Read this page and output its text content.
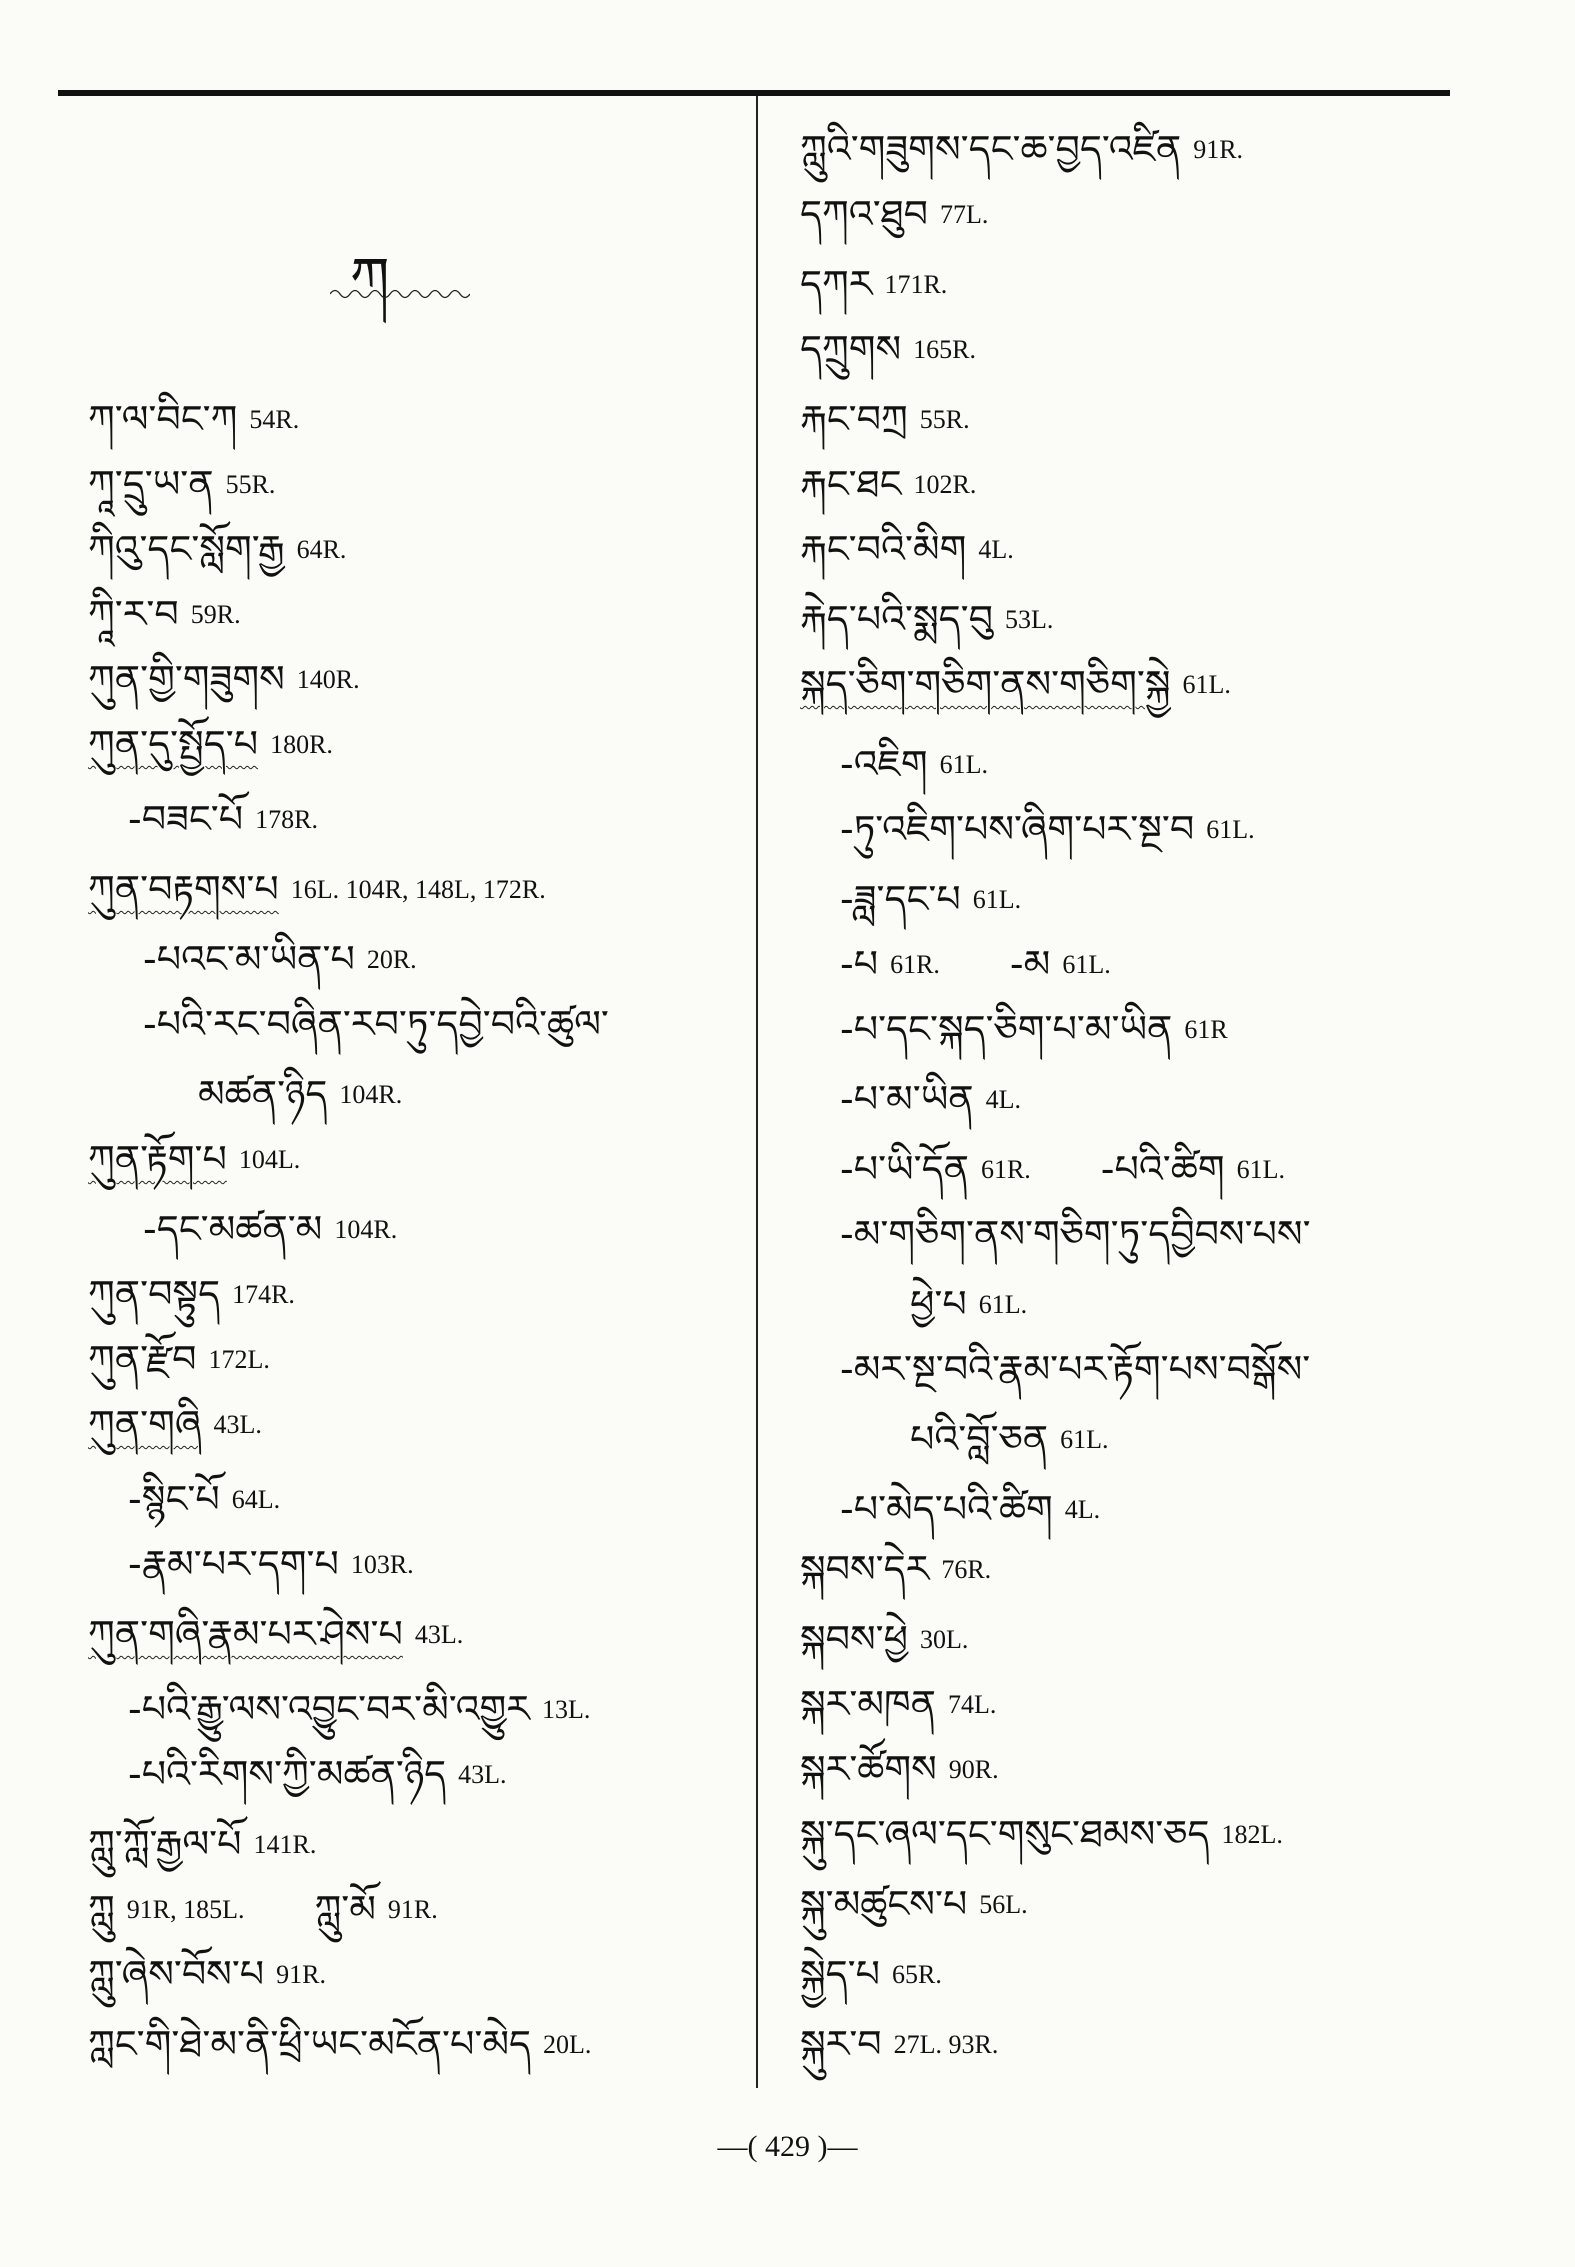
ཀ
ཀ་ལ་བིང་ཀ 54R.
ཀཱ་དྲུ་ཡ་ན 55R.
ཀིའུ་དང་སློག་རྒྱ 64R.
ཀཱི་ར་བ 59R.
ཀུན་གྱི་གཟུགས 140R.
ཀུན་དུ་སྤྱོད་པ 180R.
-བཟང་པོ 178R.
ཀུན་བརྟགས་པ 16L. 104R, 148L, 172R.
-པའང་མ་ཡིན་པ 20R.
-པའི་རང་བཞིན་རབ་ཏུ་དབྱེ་བའི་ཚུལ་
མཚན་ཉིད 104R.
ཀུན་རྟོག་པ 104L.
-དང་མཚན་མ 104R.
ཀུན་བསྟུད 174R.
ཀུན་རྫོབ 172L.
ཀུན་གཞི 43L.
-སྙིང་པོ 64L.
-རྣམ་པར་དག་པ 103R.
ཀུན་གཞི་རྣམ་པར་ཤེས་པ 43L.
-པའི་རྒྱུ་ལས་འབྱུང་བར་མི་འགྱུར 13L.
-པའི་རིགས་ཀྱི་མཚན་ཉིད 43L.
ཀླུ་ཀློ་རྒྱལ་པོ 141R.
ཀླུ 91R, 185L. ཀླུ་མོ 91R.
ཀླུ་ཞེས་བོས་པ 91R.
ཀླང་གི་ཐེ་མ་ནི་ཕྲི་ཡང་མངོན་པ་མེད 20L.
ཀླུའི་གཟུགས་དང་ཆ་བྱད་འཛིན 91R.
དཀའ་ཐུབ 77L.
དཀར 171R.
དཀྲུགས 165R.
རྐང་བཀྲ 55R.
རྐང་ཐང 102R.
རྐང་བའི་མིག 4L.
རྐེད་པའི་སྨད་བུ 53L.
སྐད་ཅིག་གཅིག་ནས་གཅིག་སྐྱེ 61L.
-འཇིག 61L.
-ཏུ་འཇིག་པས་ཞིག་པར་སྔ་བ 61L.
-ཟླ་དང་པ 61L.
-པ 61R. -མ 61L.
-པ་དང་སྐད་ཅིག་པ་མ་ཡིན 61R
-པ་མ་ཡིན 4L.
-པ་ཡི་དོན 61R. -པའི་ཚིག 61L.
-མ་གཅིག་ནས་གཅིག་ཏུ་དབྱིབས་པས་
ཕྱེ་པ 61L.
-མར་སྔ་བའི་རྣམ་པར་རྟོག་པས་བསྒོས་
པའི་བློ་ཅན 61L.
-པ་མེད་པའི་ཚིག 4L.
སྐབས་དེར 76R.
སྐབས་ཕྱེ 30L.
སྐར་མཁན 74L.
སྐར་ཚོགས 90R.
སྐུ་དང་ཞལ་དང་གསུང་ཐམས་ཅད 182L.
སྐུ་མཚུངས་པ 56L.
སྐྱེད་པ 65R.
སྐུར་བ 27L. 93R.
—( 429 )—
